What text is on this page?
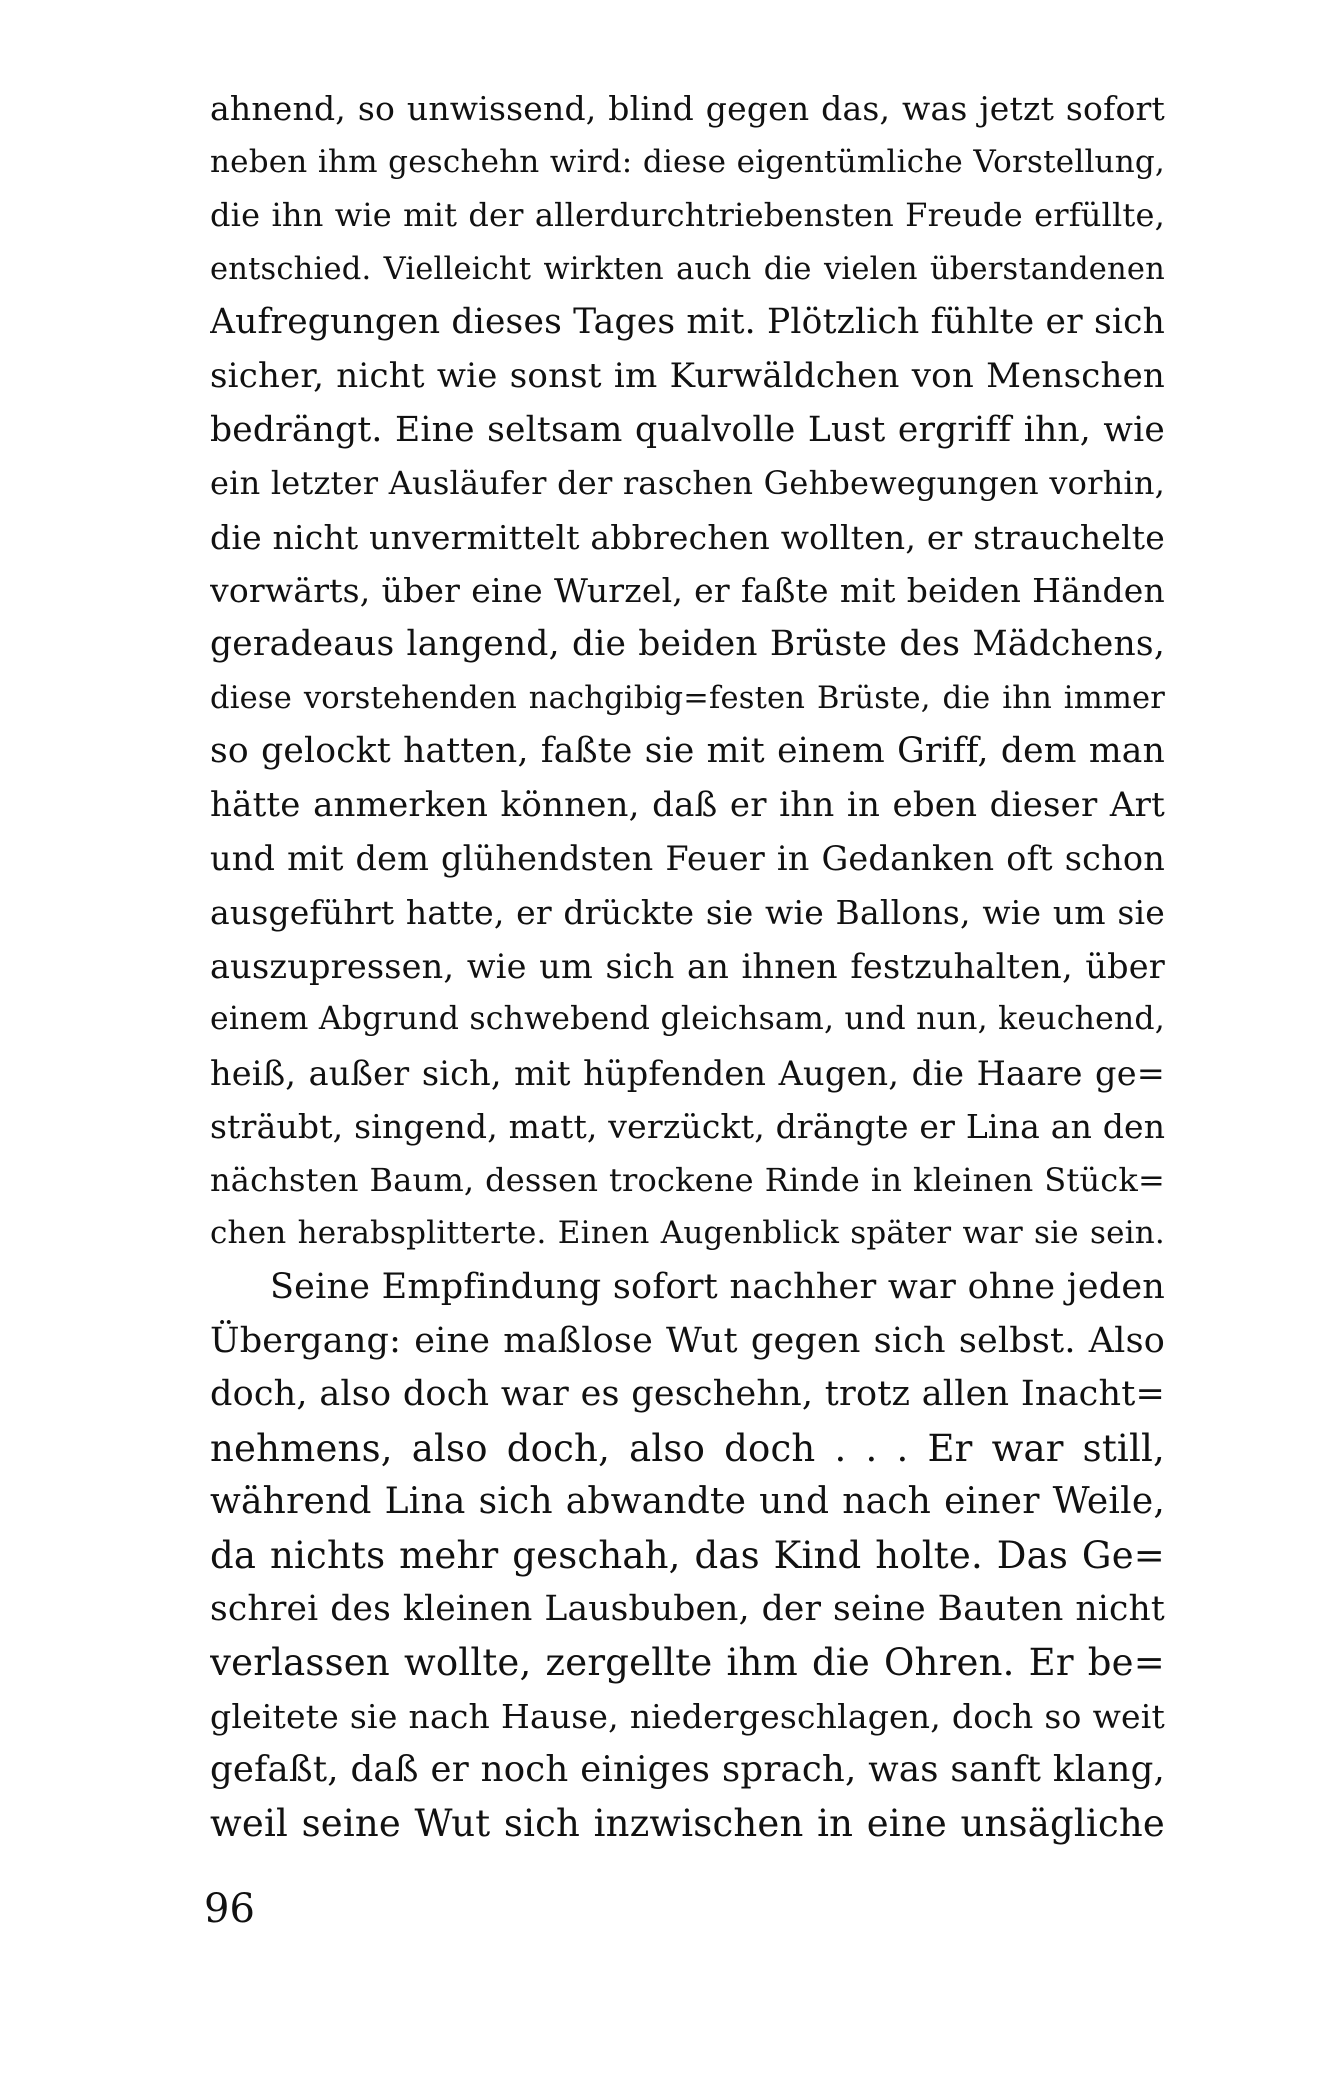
ahnend, so unwissend, blind gegen das, was jetzt sofort
neben ihm geschehn wird: diese eigentümliche Vorstellung,
die ihn wie mit der allerdurchtriebensten Freude erfüllte,
entschied. Vielleicht wirkten auch die vielen überstandenen
Aufregungen dieses Tages mit. Plötzlich fühlte er sich
sicher, nicht wie sonst im Kurwäldchen von Menschen
bedrängt. Eine seltsam qualvolle Lust ergriff ihn, wie
ein letzter Ausläufer der raschen Gehbewegungen vorhin,
die nicht unvermittelt abbrechen wollten, er strauchelte
vorwärts, über eine Wurzel, er faßte mit beiden Händen
geradeaus langend, die beiden Brüste des Mädchens,
diese vorstehenden nachgibig=festen Brüste, die ihn immer
so gelockt hatten, faßte sie mit einem Griff, dem man
hätte anmerken können, daß er ihn in eben dieser Art
und mit dem glühendsten Feuer in Gedanken oft schon
ausgeführt hatte, er drückte sie wie Ballons, wie um sie
auszupressen, wie um sich an ihnen festzuhalten, über
einem Abgrund schwebend gleichsam, und nun, keuchend,
heiß, außer sich, mit hüpfenden Augen, die Haare ge=
sträubt, singend, matt, verzückt, drängte er Lina an den
nächsten Baum, dessen trockene Rinde in kleinen Stück=
chen herabsplitterte. Einen Augenblick später war sie sein.
Seine Empfindung sofort nachher war ohne jeden
Übergang: eine maßlose Wut gegen sich selbst. Also
doch, also doch war es geschehn, trotz allen Inacht=
nehmens, also doch, also doch . . . Er war still,
während Lina sich abwandte und nach einer Weile,
da nichts mehr geschah, das Kind holte. Das Ge=
schrei des kleinen Lausbuben, der seine Bauten nicht
verlassen wollte, zergellte ihm die Ohren. Er be=
gleitete sie nach Hause, niedergeschlagen, doch so weit
gefaßt, daß er noch einiges sprach, was sanft klang,
weil seine Wut sich inzwischen in eine unsägliche
96
